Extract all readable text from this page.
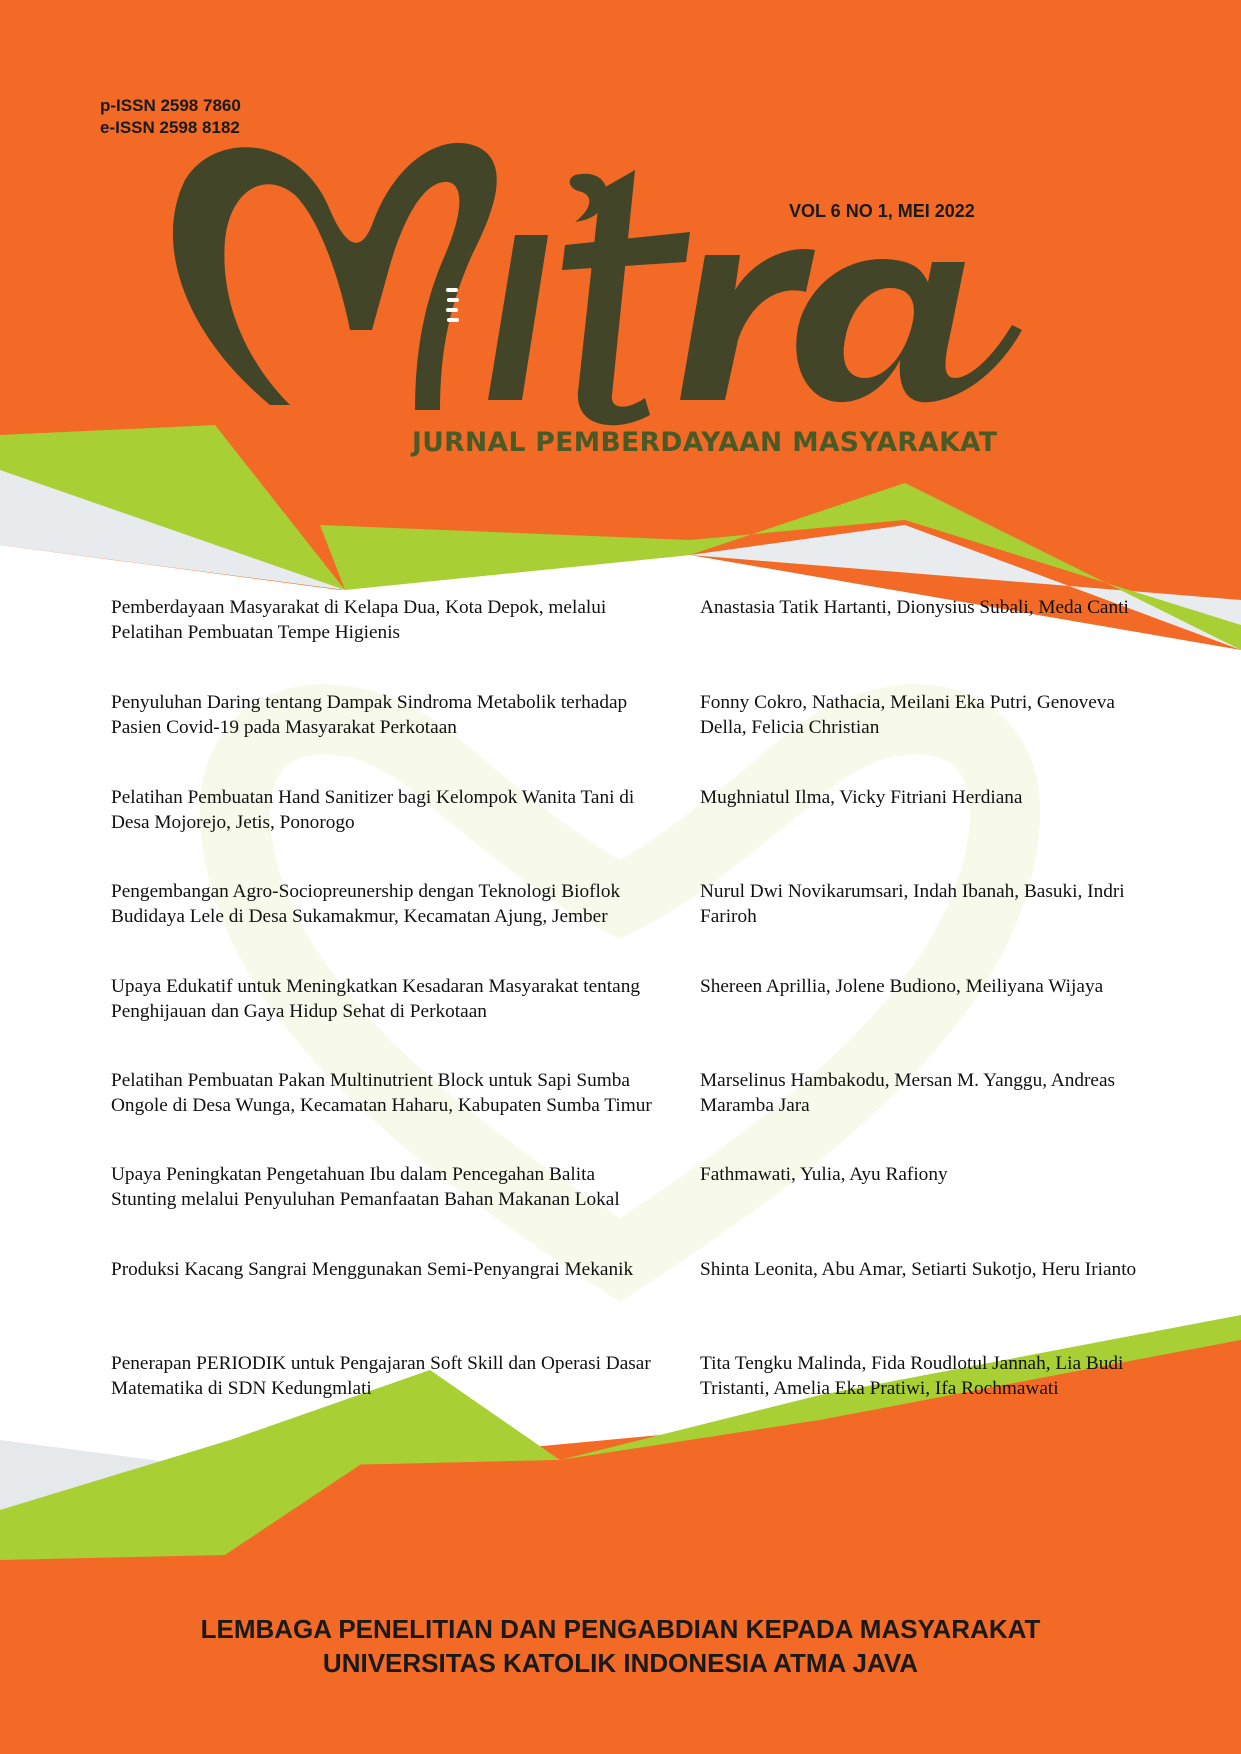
p-ISSN 2598 7860
e-ISSN 2598 8182
VOL 6 NO 1, MEI 2022
JURNAL PEMBERDAYAAN MASYARAKAT
Pemberdayaan Masyarakat di Kelapa Dua, Kota Depok, melalui Pelatihan Pembuatan Tempe Higienis
Anastasia Tatik Hartanti, Dionysius Subali, Meda Canti
Penyuluhan Daring tentang Dampak Sindroma Metabolik terhadap Pasien Covid-19 pada Masyarakat Perkotaan
Fonny Cokro, Nathacia, Meilani Eka Putri, Genoveva Della, Felicia Christian
Pelatihan Pembuatan Hand Sanitizer bagi Kelompok Wanita Tani di Desa Mojorejo, Jetis, Ponorogo
Mughniatul Ilma, Vicky Fitriani Herdiana
Pengembangan Agro-Sociopreunership dengan Teknologi Bioflok Budidaya Lele di Desa Sukamakmur, Kecamatan Ajung, Jember
Nurul Dwi Novikarumsari, Indah Ibanah, Basuki, Indri Fariroh
Upaya Edukatif untuk Meningkatkan Kesadaran Masyarakat tentang Penghijauan dan Gaya Hidup Sehat di Perkotaan
Shereen Aprillia, Jolene Budiono, Meiliyana Wijaya
Pelatihan Pembuatan Pakan Multinutrient Block untuk Sapi Sumba Ongole di Desa Wunga, Kecamatan Haharu, Kabupaten Sumba Timur
Marselinus Hambakodu, Mersan M. Yanggu, Andreas Maramba Jara
Upaya Peningkatan Pengetahuan Ibu dalam Pencegahan Balita Stunting melalui Penyuluhan Pemanfaatan Bahan Makanan Lokal
Fathmawati, Yulia, Ayu Rafiony
Produksi Kacang Sangrai Menggunakan Semi-Penyangrai Mekanik	Shinta Leonita, Abu Amar, Setiarti Sukotjo, Heru Irianto
Penerapan PERIODIK untuk Pengajaran Soft Skill dan Operasi Dasar Matematika di SDN Kedungmlati
Tita Tengku Malinda, Fida Roudlotul Jannah, Lia Budi Tristanti, Amelia Eka Pratiwi, Ifa Rochmawati
LEMBAGA PENELITIAN DAN PENGABDIAN KEPADA MASYARAKAT
UNIVERSITAS KATOLIK INDONESIA ATMA JAVA
